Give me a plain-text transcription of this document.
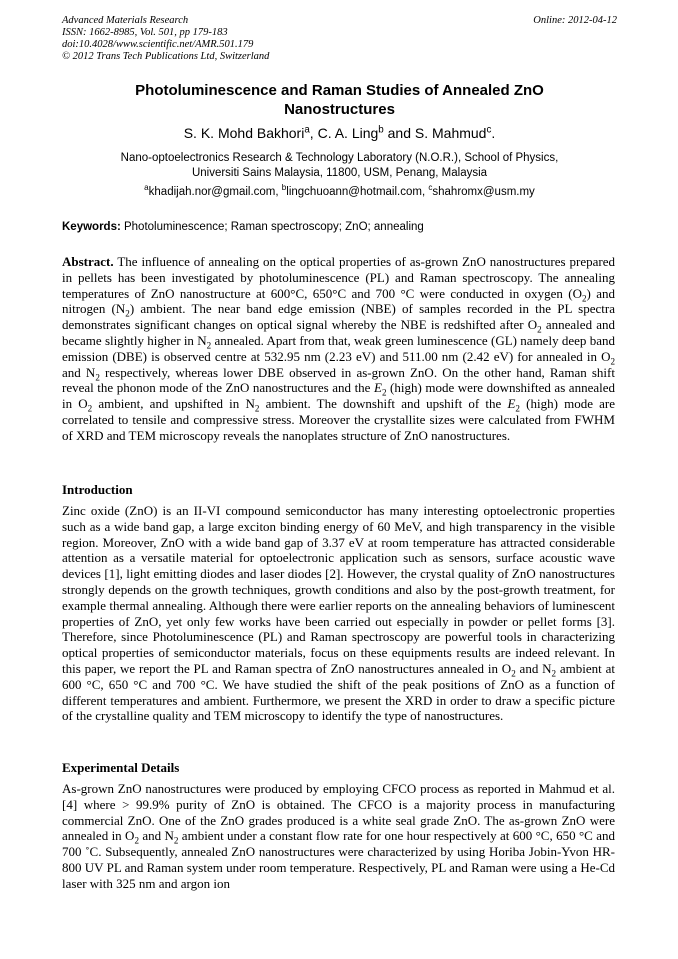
Advanced Materials Research
ISSN: 1662-8985, Vol. 501, pp 179-183
doi:10.4028/www.scientific.net/AMR.501.179
© 2012 Trans Tech Publications Ltd, Switzerland
Online: 2012-04-12
Photoluminescence and Raman Studies of Annealed ZnO
Nanostructures
S. K. Mohd Bakhori$^a$, C. A. Ling$^b$ and S. Mahmud$^c$.
Nano-optoelectronics Research & Technology Laboratory (N.O.R.), School of Physics,
Universiti Sains Malaysia, 11800, USM, Penang, Malaysia
$^a$khadijah.nor@gmail.com, $^b$lingchuoann@hotmail.com, $^c$shahromx@usm.my
Keywords: Photoluminescence; Raman spectroscopy; ZnO; annealing
Abstract. The influence of annealing on the optical properties of as-grown ZnO nanostructures prepared in pellets has been investigated by photoluminescence (PL) and Raman spectroscopy. The annealing temperatures of ZnO nanostructure at 600°C, 650°C and 700 °C were conducted in oxygen $(O_2)$ and nitrogen $(N_2)$ ambient. The near band edge emission (NBE) of samples recorded in the PL spectra demonstrates significant changes on optical signal whereby the NBE is redshifted after $O_2$ annealed and became slightly higher in $N_2$ annealed. Apart from that, weak green luminescence (GL) namely deep band emission (DBE) is observed centre at 532.95 nm (2.23 eV) and 511.00 nm (2.42 eV) for annealed in $O_2$ and $N_2$ respectively, whereas lower DBE observed in as-grown ZnO. On the other hand, Raman shift reveal the phonon mode of the ZnO nanostructures and the $E_2$ (high) mode were downshifted as annealed in $O_2$ ambient, and upshifted in $N_2$ ambient. The downshift and upshift of the $E_2$ (high) mode are correlated to tensile and compressive stress. Moreover the crystallite sizes were calculated from FWHM of XRD and TEM microscopy reveals the nanoplates structure of ZnO nanostructures.
Introduction
Zinc oxide (ZnO) is an II-VI compound semiconductor has many interesting optoelectronic properties such as a wide band gap, a large exciton binding energy of 60 MeV, and high transparency in the visible region. Moreover, ZnO with a wide band gap of 3.37 eV at room temperature has attracted considerable attention as a versatile material for optoelectronic application such as sensors, surface acoustic wave devices [1], light emitting diodes and laser diodes [2]. However, the crystal quality of ZnO nanostructures strongly depends on the growth techniques, growth conditions and also by the post-growth treatment, for example thermal annealing. Although there were earlier reports on the annealing behaviors of luminescent properties of ZnO, yet only few works have been carried out especially in powder or pellet forms [3]. Therefore, since Photoluminescence (PL) and Raman spectroscopy are powerful tools in characterizing optical properties of semiconductor materials, focus on these equipments results are indeed relevant. In this paper, we report the PL and Raman spectra of ZnO nanostructures annealed in $O_2$ and $N_2$ ambient at 600 °C, 650 °C and 700 °C. We have studied the shift of the peak positions of ZnO as a function of different temperatures and ambient. Furthermore, we present the XRD in order to draw a specific picture of the crystalline quality and TEM microscopy to identify the type of nanostructures.
Experimental Details
As-grown ZnO nanostructures were produced by employing CFCO process as reported in Mahmud et al. [4] where > 99.9% purity of ZnO is obtained. The CFCO is a majority process in manufacturing commercial ZnO. One of the ZnO grades produced is a white seal grade ZnO. The as-grown ZnO were annealed in $O_2$ and $N_2$ ambient under a constant flow rate for one hour respectively at 600 °C, 650 °C and 700 ˚C. Subsequently, annealed ZnO nanostructures were characterized by using Horiba Jobin-Yvon HR-800 UV PL and Raman system under room temperature. Respectively, PL and Raman were using a He-Cd laser with 325 nm and argon ion
